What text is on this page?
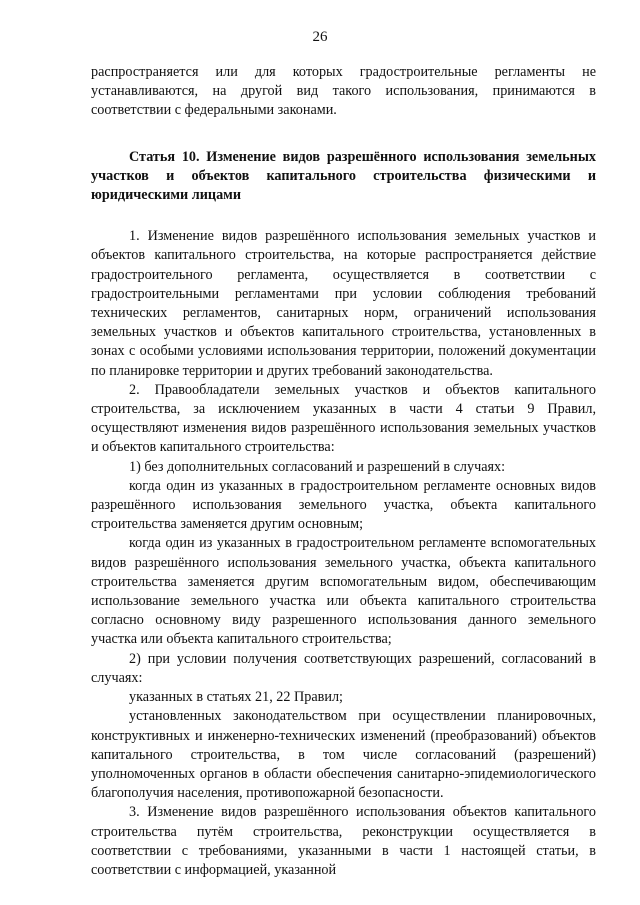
26

распространяется или для которых градостроительные регламенты не устанавливаются, на другой вид такого использования, принимаются в соответствии с федеральными законами.

Статья 10. Изменение видов разрешённого использования земельных участков и объектов капитального строительства физическими и юридическими лицами

1. Изменение видов разрешённого использования земельных участков и объектов капитального строительства, на которые распространяется действие градостроительного регламента, осуществляется в соответствии с градостроительными регламентами при условии соблюдения требований технических регламентов, санитарных норм, ограничений использования земельных участков и объектов капитального строительства, установленных в зонах с особыми условиями использования территории, положений документации по планировке территории и других требований законодательства.

2. Правообладатели земельных участков и объектов капитального строительства, за исключением указанных в части 4 статьи 9 Правил, осуществляют изменения видов разрешённого использования земельных участков и объектов капитального строительства:

1) без дополнительных согласований и разрешений в случаях:

когда один из указанных в градостроительном регламенте основных видов разрешённого использования земельного участка, объекта капитального строительства заменяется другим основным;

когда один из указанных в градостроительном регламенте вспомогательных видов разрешённого использования земельного участка, объекта капитального строительства заменяется другим вспомогательным видом, обеспечивающим использование земельного участка или объекта капитального строительства согласно основному виду разрешенного использования данного земельного участка или объекта капитального строительства;

2) при условии получения соответствующих разрешений, согласований в случаях:

указанных в статьях 21, 22 Правил;

установленных законодательством при осуществлении планировочных, конструктивных и инженерно-технических изменений (преобразований) объектов капитального строительства, в том числе согласований (разрешений) уполномоченных органов в области обеспечения санитарно-эпидемиологического благополучия населения, противопожарной безопасности.

3. Изменение видов разрешённого использования объектов капитального строительства путём строительства, реконструкции осуществляется в соответствии с требованиями, указанными в части 1 настоящей статьи, в соответствии с информацией, указанной
